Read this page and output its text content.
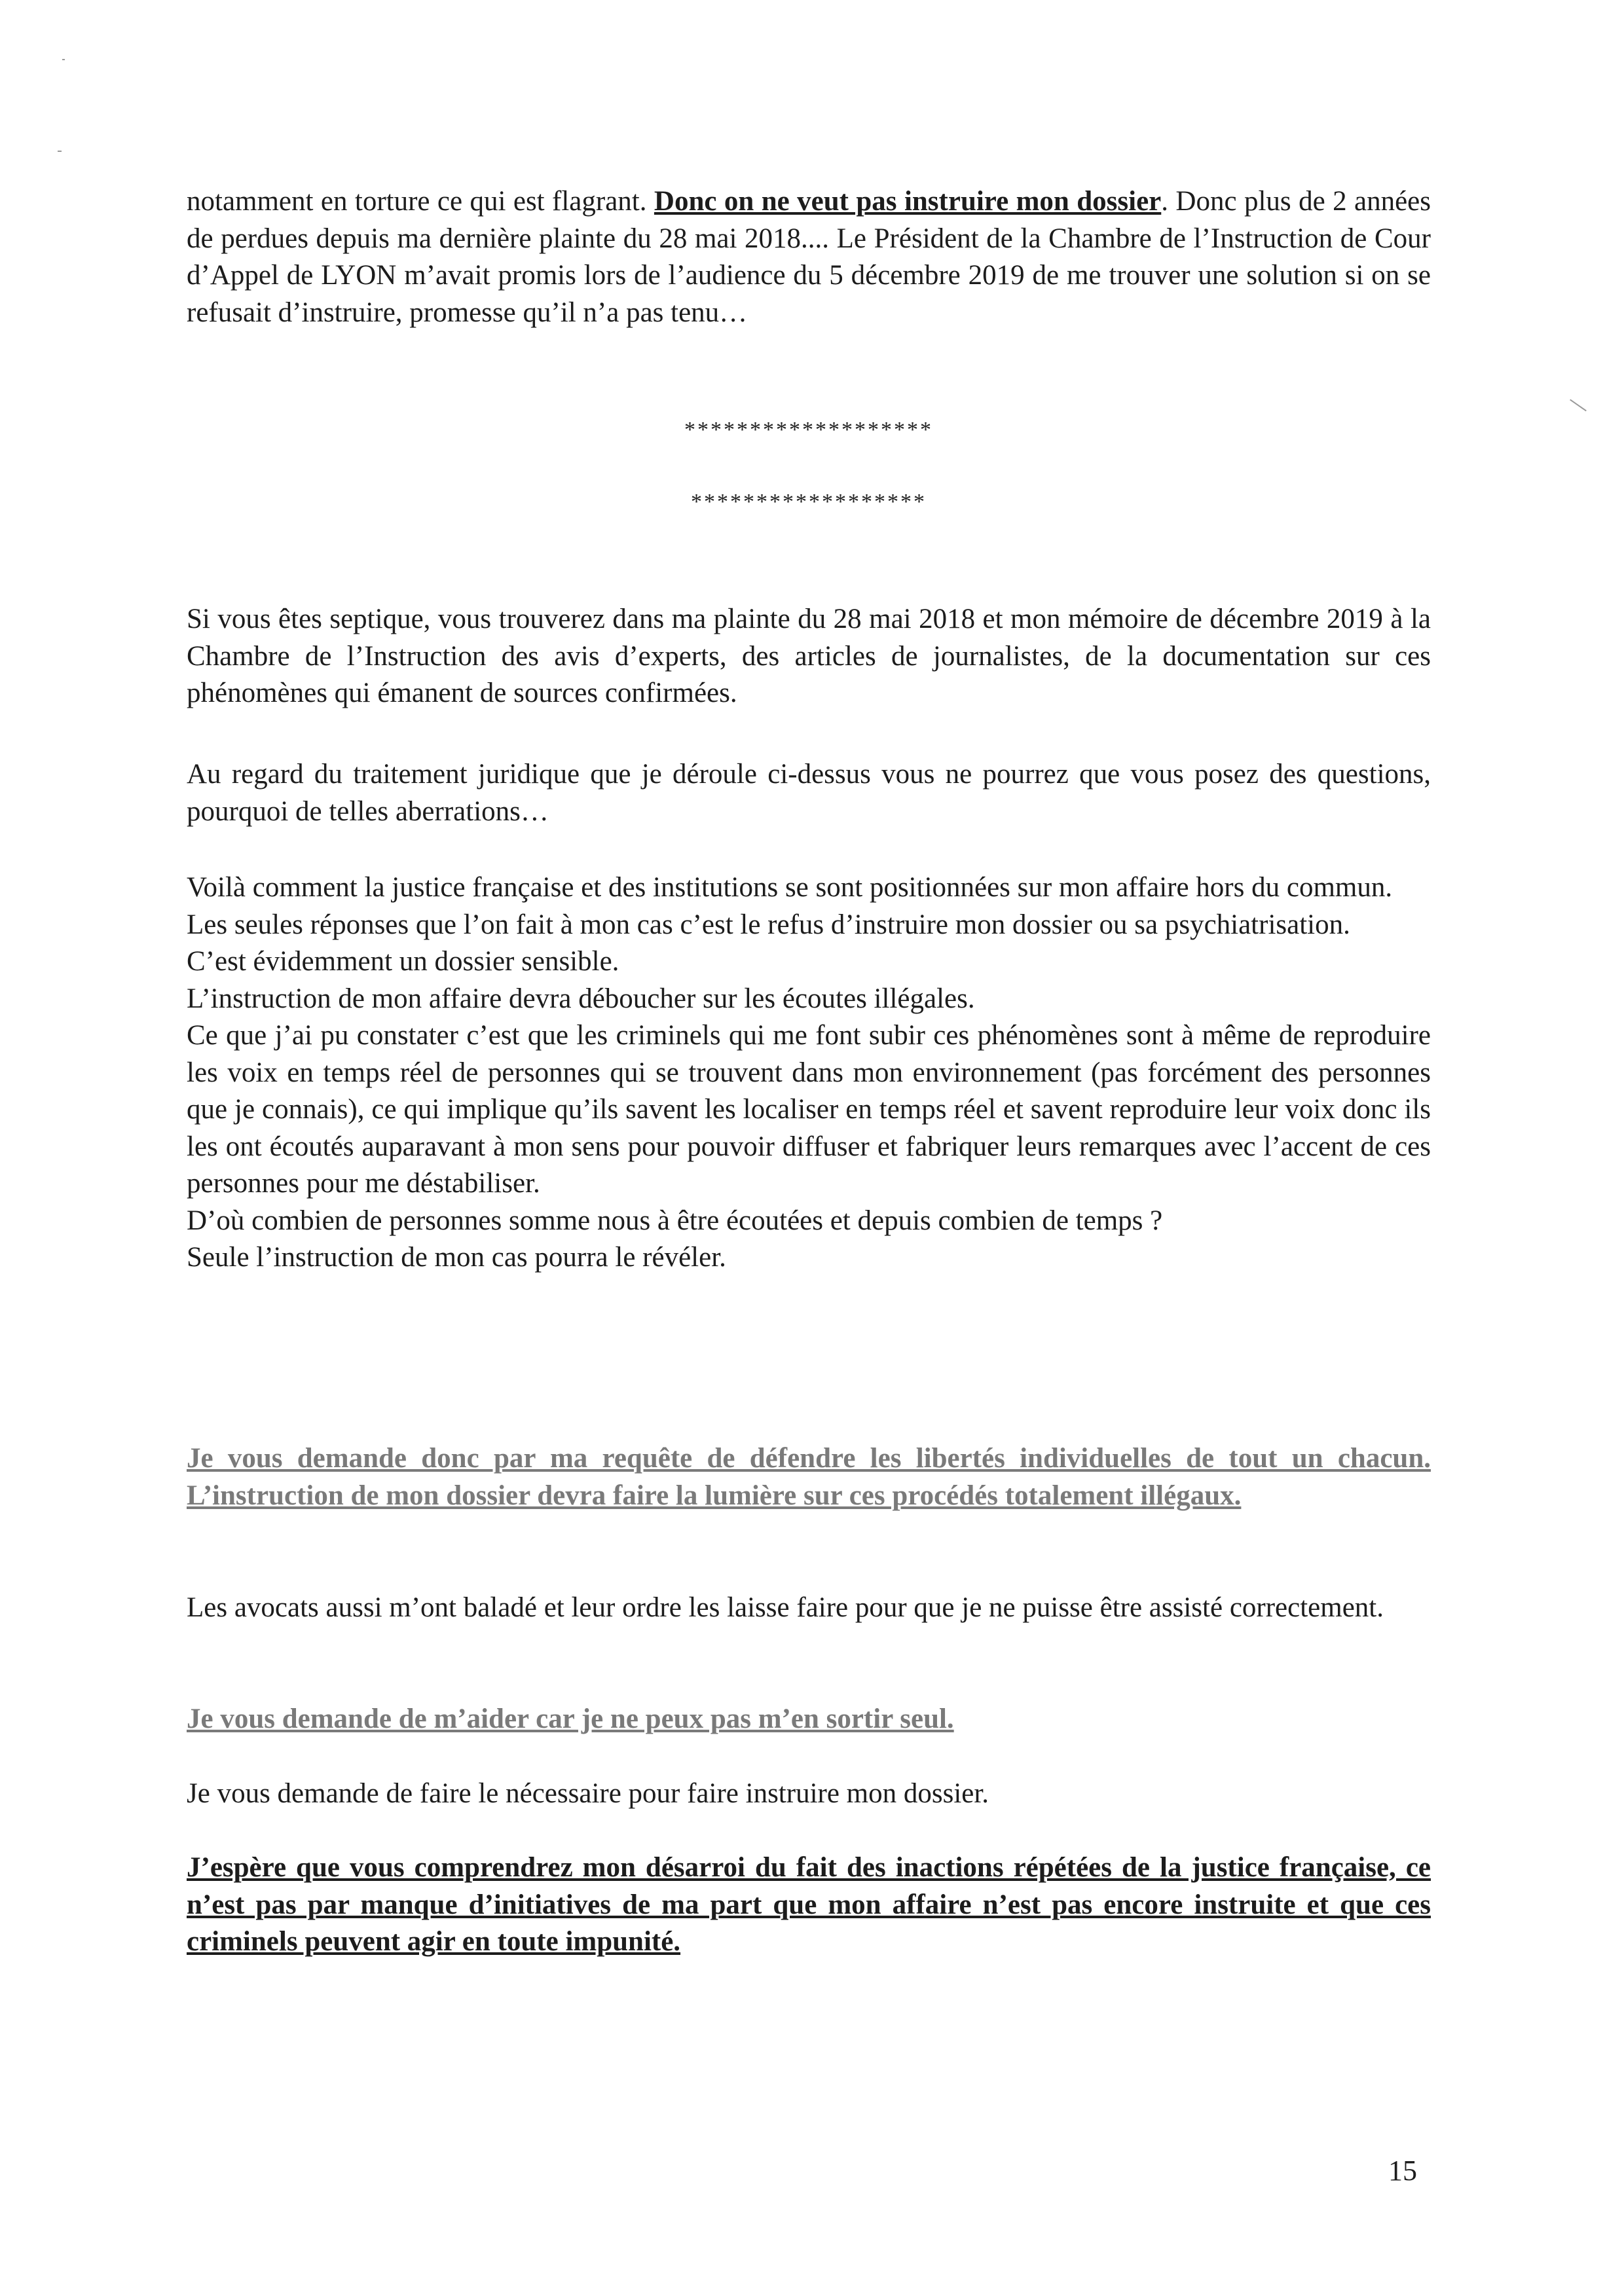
notamment en torture ce qui est flagrant. Donc on ne veut pas instruire mon dossier. Donc plus de 2 années de perdues depuis ma dernière plainte du 28 mai 2018.... Le Président de la Chambre de l’Instruction de Cour d’Appel de LYON m’avait promis lors de l’audience du 5 décembre 2019 de me trouver une solution si on se refusait d’instruire, promesse qu’il n’a pas tenu…

*******************
******************

Si vous êtes septique, vous trouverez dans ma plainte du 28 mai 2018 et mon mémoire de décembre 2019 à la Chambre de l’Instruction des avis d’experts, des articles de journalistes, de la documentation sur ces phénomènes qui émanent de sources confirmées.

Au regard du traitement juridique que je déroule ci-dessus vous ne pourrez que vous posez des questions, pourquoi de telles aberrations…

Voilà comment la justice française et des institutions se sont positionnées sur mon affaire hors du commun.
Les seules réponses que l’on fait à mon cas c’est le refus d’instruire mon dossier ou sa psychiatrisation.
C’est évidemment un dossier sensible.
L’instruction de mon affaire devra déboucher sur les écoutes illégales.
Ce que j’ai pu constater c’est que les criminels qui me font subir ces phénomènes sont à même de reproduire les voix en temps réel de personnes qui se trouvent dans mon environnement (pas forcément des personnes que je connais), ce qui implique qu’ils savent les localiser en temps réel et savent reproduire leur voix donc ils les ont écoutés auparavant à mon sens pour pouvoir diffuser et fabriquer leurs remarques avec l’accent de ces personnes pour me déstabiliser.
D’où combien de personnes somme nous à être écoutées et depuis combien de temps ?
Seule l’instruction de mon cas pourra le révéler.

Je vous demande donc par ma requête de défendre les libertés individuelles de tout un chacun. L’instruction de mon dossier devra faire la lumière sur ces procédés totalement illégaux.

Les avocats aussi m’ont baladé et leur ordre les laisse faire pour que je ne puisse être assisté correctement.

Je vous demande de m’aider car je ne peux pas m’en sortir seul.

Je vous demande de faire le nécessaire pour faire instruire mon dossier.

J’espère que vous comprendrez mon désarroi du fait des inactions répétées de la justice française, ce n’est pas par manque d’initiatives de ma part que mon affaire n’est pas encore instruite et que ces criminels peuvent agir en toute impunité.

15
